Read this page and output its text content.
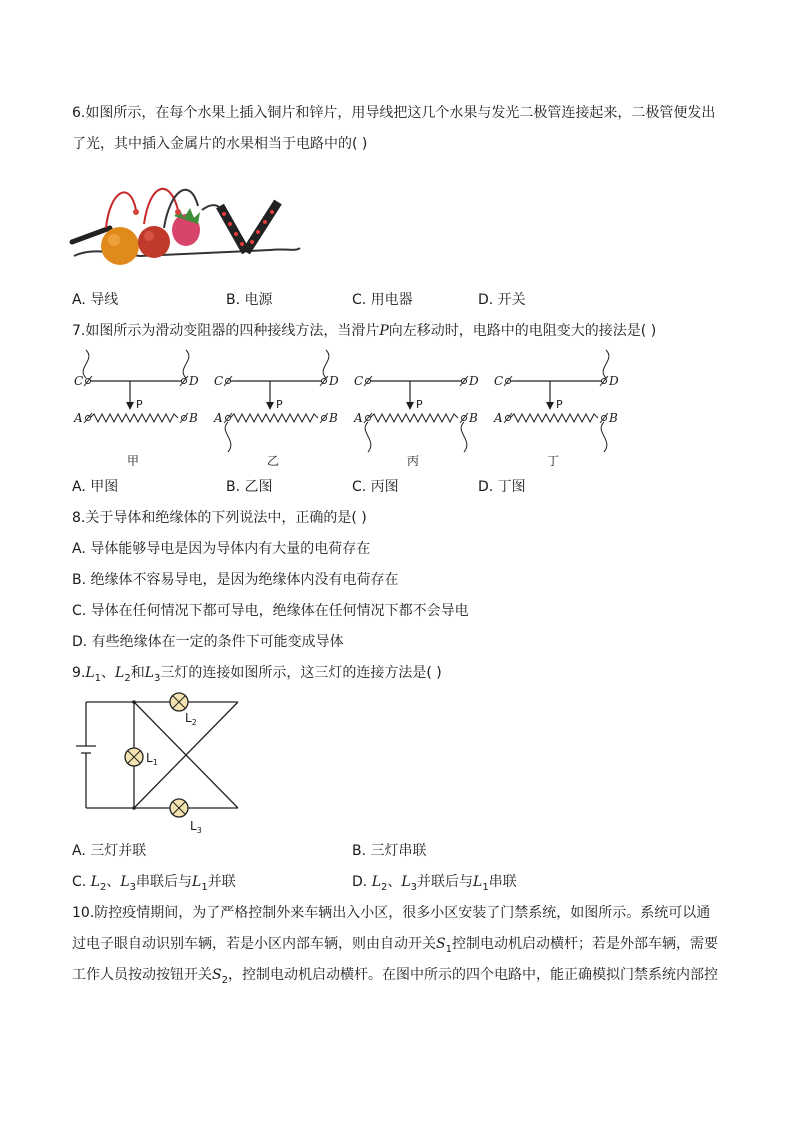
6.如图所示，在每个水果上插入铜片和锌片，用导线把这几个水果与发光二极管连接起来，二极管便发出
了光，其中插入金属片的水果相当于电路中的( )
A. 导线	B. 电源	C. 用电器	D. 开关
7.如图所示为滑动变阻器的四种接线方法，当滑片P向左移动时，电路中的电阻变大的接法是( )
C	D
A	B
P
甲
C	D
A	B
P
乙
C	D
A	B
P
丙
C	D
A	B
P
丁
A. 甲图	B. 乙图	C. 丙图	D. 丁图
8.关于导体和绝缘体的下列说法中，正确的是( )
A. 导体能够导电是因为导体内有大量的电荷存在
B. 绝缘体不容易导电，是因为绝缘体内没有电荷存在
C. 导体在任何情况下都可导电，绝缘体在任何情况下都不会导电
D. 有些绝缘体在一定的条件下可能变成导体
$9.L_1$、$L_2$和$L_3$三灯的连接如图所示，这三灯的连接方法是( )
$L_2$
$L_1$
$L_3$
A. 三灯并联	B. 三灯串联
C. $L_2$、$L_3$串联后与$L_1$并联	D. $L_2$、$L_3$并联后与$L_1$串联
10.防控疫情期间，为了严格控制外来车辆出入小区，很多小区安装了门禁系统，如图所示。系统可以通
过电子眼自动识别车辆，若是小区内部车辆，则由自动开关$S_1$控制电动机启动横杆；若是外部车辆，需要
工作人员按动按钮开关$S_2$，控制电动机启动横杆。在图中所示的四个电路中，能正确模拟门禁系统内部控
